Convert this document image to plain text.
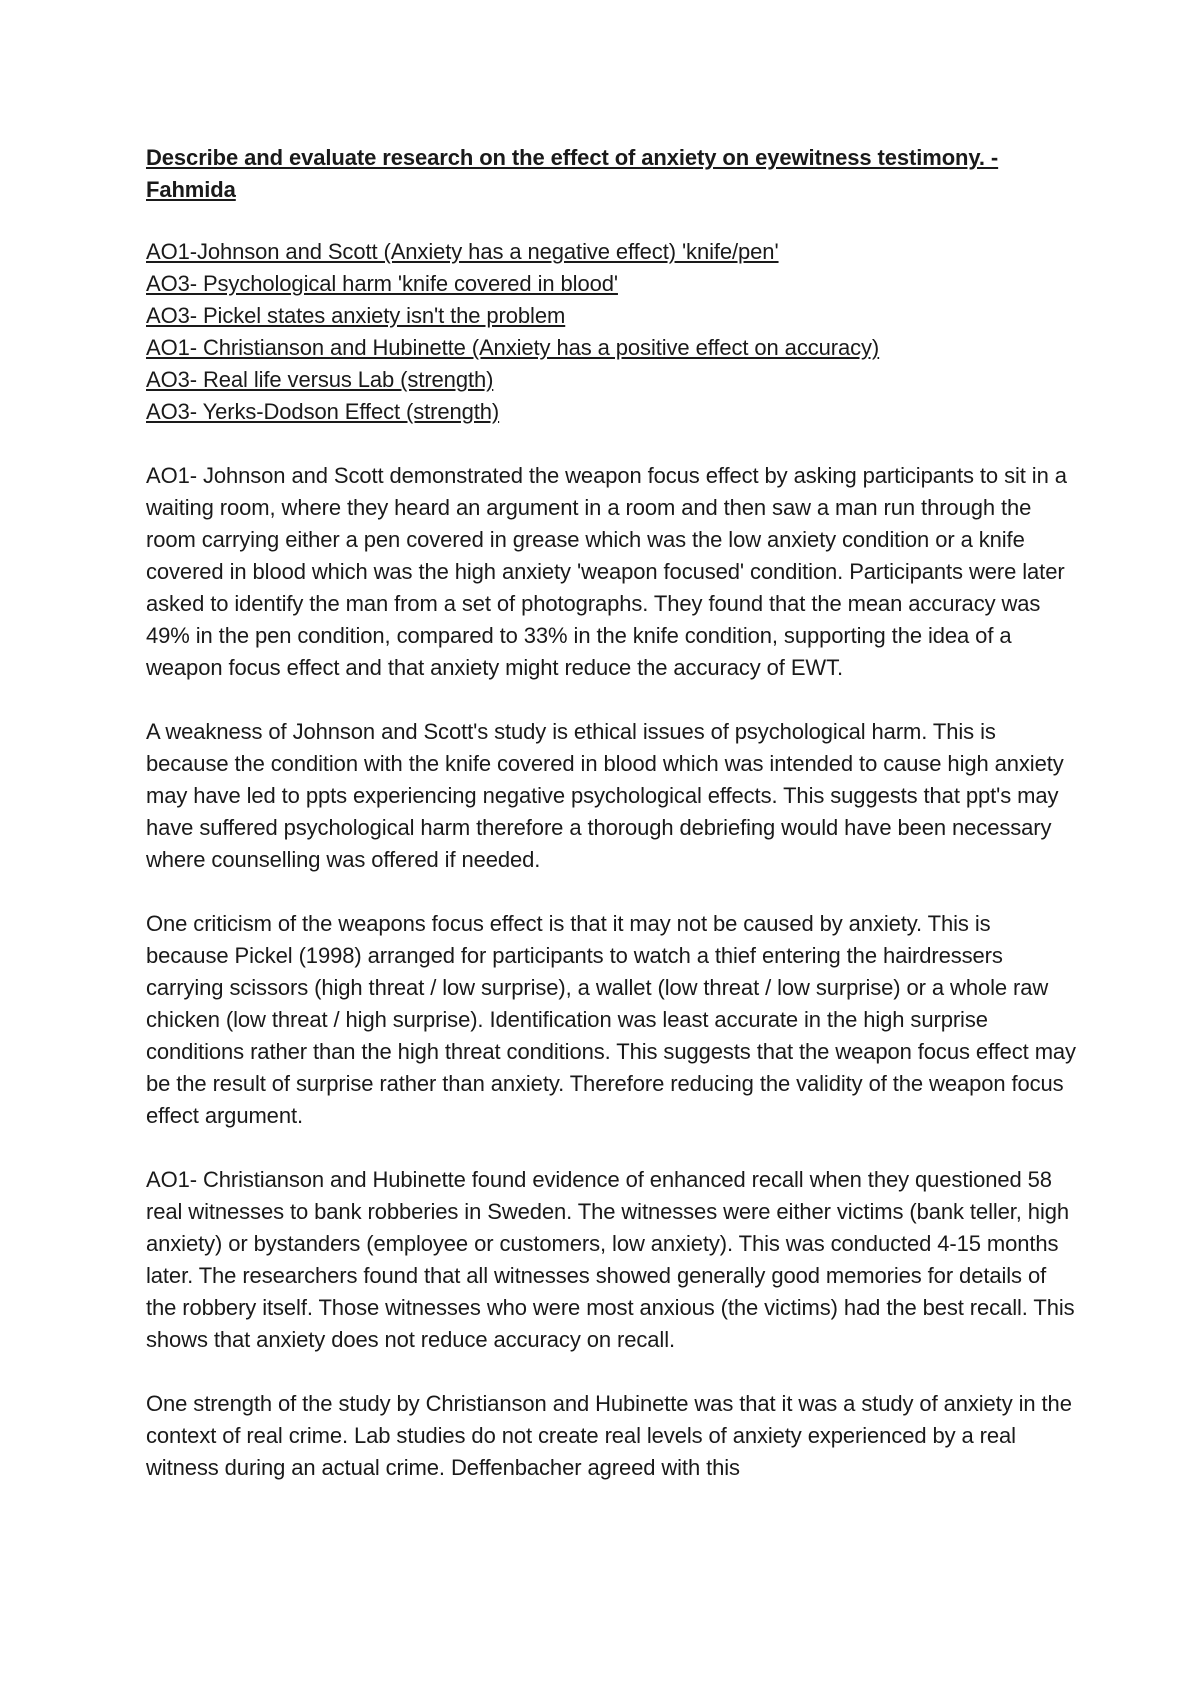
Describe and evaluate research on the effect of anxiety on eyewitness testimony. - Fahmida
AO1-Johnson and Scott (Anxiety has a negative effect) 'knife/pen'
AO3- Psychological harm 'knife covered in blood'
AO3- Pickel states anxiety isn't the problem
AO1- Christianson and Hubinette (Anxiety has a positive effect on accuracy)
AO3- Real life versus Lab (strength)
AO3- Yerks-Dodson Effect (strength)

AO1- Johnson and Scott demonstrated the weapon focus effect by asking participants to sit in a waiting room, where they heard an argument in a room and then saw a man run through the room carrying either a pen covered in grease which was the low anxiety condition or a knife covered in blood which was the high anxiety 'weapon focused' condition. Participants were later asked to identify the man from a set of photographs. They found that the mean accuracy was 49% in the pen condition, compared to 33% in the knife condition, supporting the idea of a weapon focus effect and that anxiety might reduce the accuracy of EWT.

A weakness of Johnson and Scott's study is ethical issues of psychological harm. This is because the condition with the knife covered in blood which was intended to cause high anxiety may have led to ppts experiencing negative psychological effects. This suggests that ppt's may have suffered psychological harm therefore a thorough debriefing would have been necessary where counselling was offered if needed.

One criticism of the weapons focus effect is that it may not be caused by anxiety. This is because Pickel (1998) arranged for participants to watch a thief entering the hairdressers carrying scissors (high threat / low surprise), a wallet (low threat / low surprise) or a whole raw chicken (low threat / high surprise). Identification was least accurate in the high surprise conditions rather than the high threat conditions. This suggests that the weapon focus effect may be the result of surprise rather than anxiety. Therefore reducing the validity of the weapon focus effect argument.

AO1- Christianson and Hubinette found evidence of enhanced recall when they questioned 58 real witnesses to bank robberies in Sweden. The witnesses were either victims (bank teller, high anxiety) or bystanders (employee or customers, low anxiety). This was conducted 4-15 months later. The researchers found that all witnesses showed generally good memories for details of the robbery itself. Those witnesses who were most anxious (the victims) had the best recall. This shows that anxiety does not reduce accuracy on recall.

One strength of the study by Christianson and Hubinette was that it was a study of anxiety in the context of real crime. Lab studies do not create real levels of anxiety experienced by a real witness during an actual crime. Deffenbacher agreed with this
